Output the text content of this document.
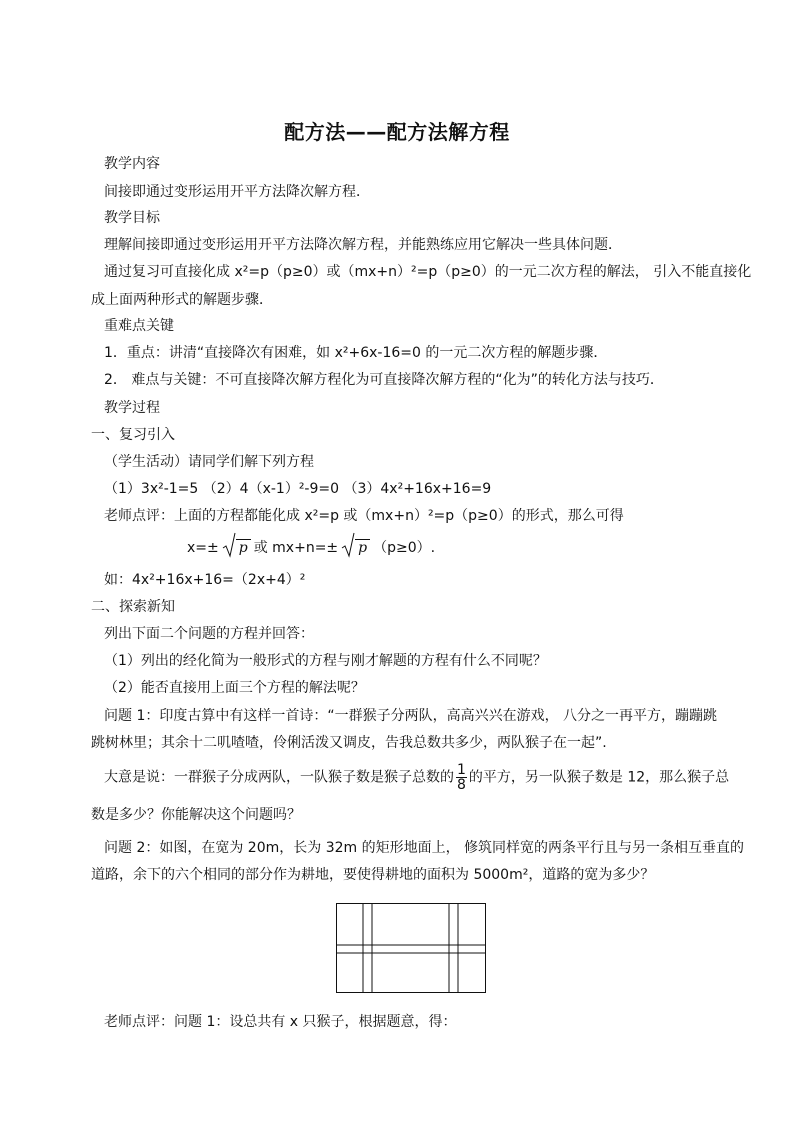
配方法——配方法解方程
教学内容
间接即通过变形运用开平方法降次解方程．
教学目标
理解间接即通过变形运用开平方法降次解方程，并能熟练应用它解决一些具体问题．
通过复习可直接化成 x²=p（p≥0）或（mx+n）²=p（p≥0）的一元二次方程的解法， 引入不能直接化
成上面两种形式的解题步骤．
重难点关键
1．重点：讲清“直接降次有困难，如 x²+6x-16=0 的一元二次方程的解题步骤．
2． 难点与关键：不可直接降次解方程化为可直接降次解方程的“化为”的转化方法与技巧．
教学过程
一、复习引入
（学生活动）请同学们解下列方程
（1）3x²-1=5 （2）4（x-1）²-9=0 （3）4x²+16x+16=9
老师点评：上面的方程都能化成 x²=p 或（mx+n）²=p（p≥0）的形式，那么可得
x=± p 或 mx+n=± p （p≥0）.
如：4x²+16x+16=（2x+4）²
二、探索新知
列出下面二个问题的方程并回答：
（1）列出的经化简为一般形式的方程与刚才解题的方程有什么不同呢？
（2）能否直接用上面三个方程的解法呢？
问题 1：印度古算中有这样一首诗：“一群猴子分两队，高高兴兴在游戏， 八分之一再平方，蹦蹦跳
跳树林里；其余十二叽喳喳，伶俐活泼又调皮，告我总数共多少，两队猴子在一起”.
大意是说：一群猴子分成两队，一队猴子数是猴子总数的 $\frac{1}{8}$ 的平方，另一队猴子数是 12，那么猴子总
数是多少？你能解决这个问题吗？
问题 2：如图，在宽为 20m，长为 32m 的矩形地面上， 修筑同样宽的两条平行且与另一条相互垂直的
道路，余下的六个相同的部分作为耕地，要使得耕地的面积为 5000m²，道路的宽为多少？
老师点评：问题 1：设总共有 x 只猴子，根据题意，得：
